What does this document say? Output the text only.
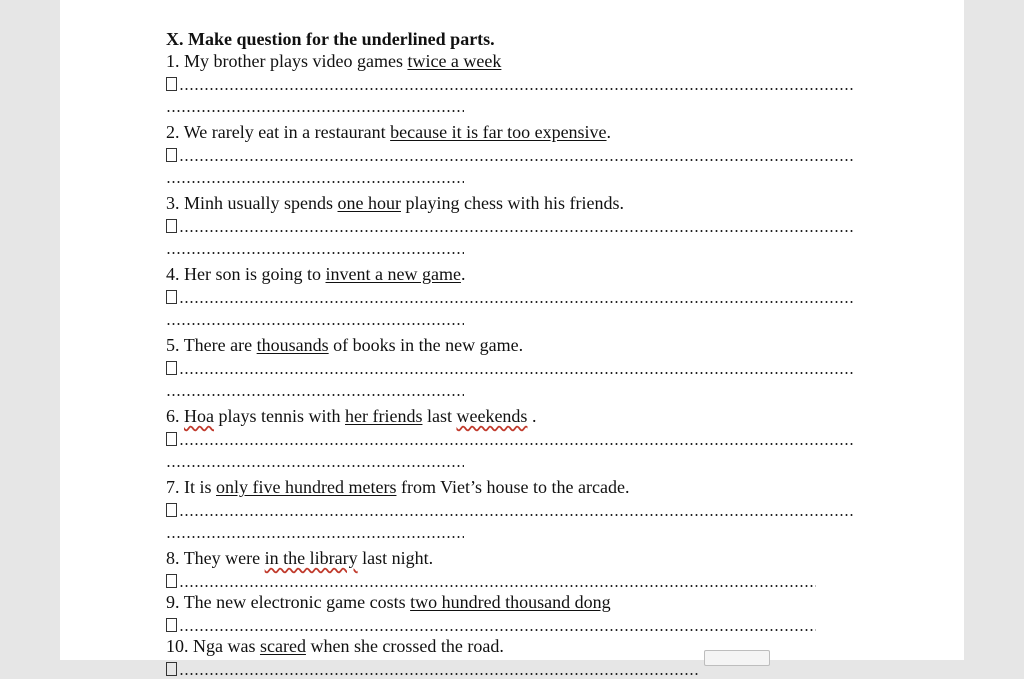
X. Make question for the underlined parts.
1. My brother plays video games twice a week
2. We rarely eat in a restaurant because it is far too expensive.
3. Minh usually spends one hour playing chess with his friends.
4. Her son is going to invent a new game.
5. There are thousands of books in the new game.
6. Hoa plays tennis with her friends last weekends .
7. It is only five hundred meters from Viet’s house to the arcade.
8. They were in the library last night.
9. The new electronic game costs two hundred thousand dong
10. Nga was scared when she crossed the road.
